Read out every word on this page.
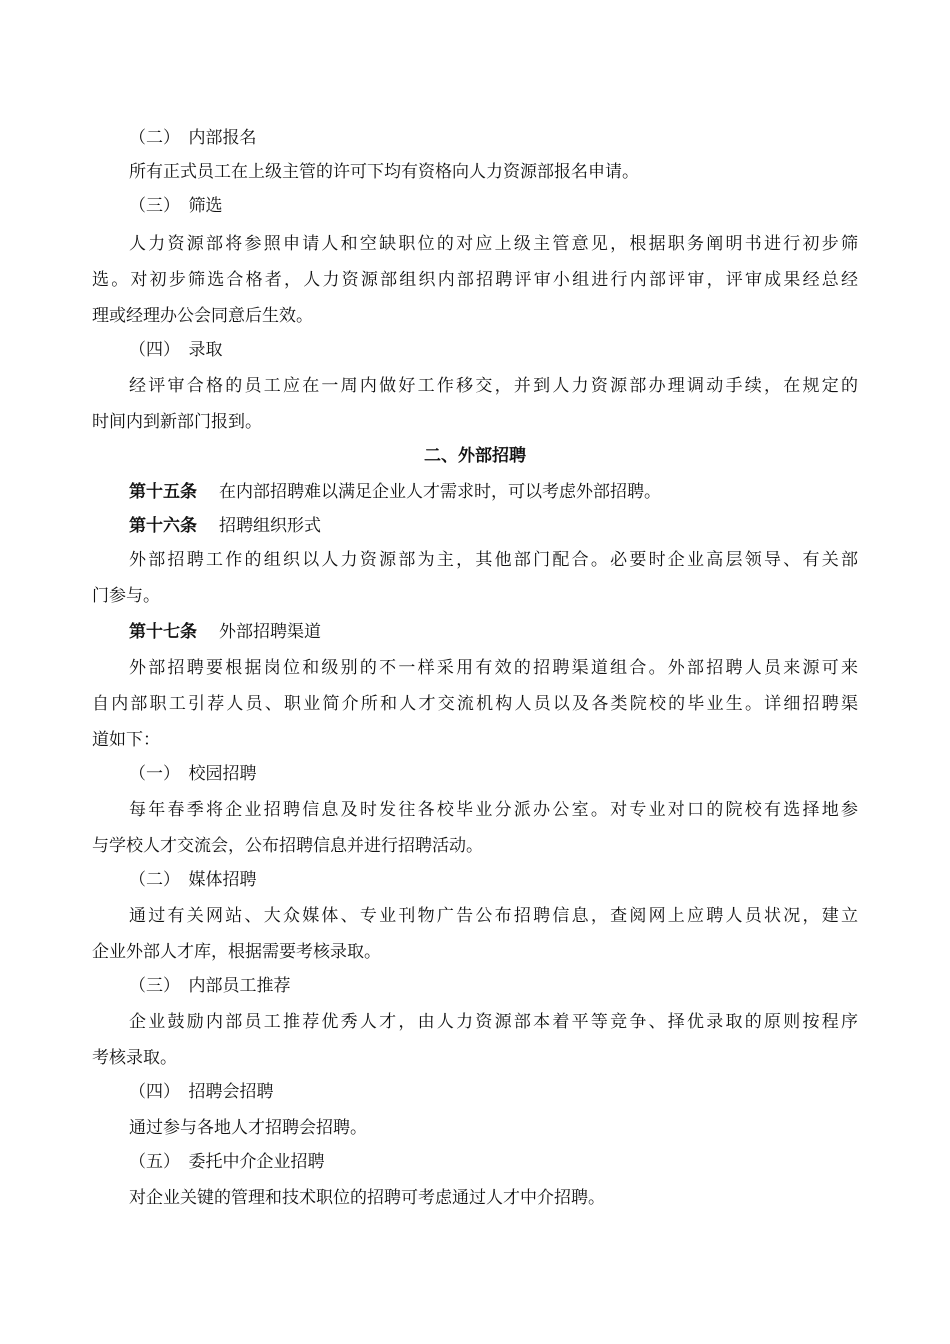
（二）　内部报名
所有正式员工在上级主管的许可下均有资格向人力资源部报名申请。
（三）　筛选
人力资源部将参照申请人和空缺职位的对应上级主管意见，根据职务阐明书进行初步筛
选。对初步筛选合格者，人力资源部组织内部招聘评审小组进行内部评审，评审成果经总经
理或经理办公会同意后生效。
（四）　录取
经评审合格的员工应在一周内做好工作移交，并到人力资源部办理调动手续，在规定的
时间内到新部门报到。
二、外部招聘
第十五条 在内部招聘难以满足企业人才需求时，可以考虑外部招聘。
第十六条 招聘组织形式
外部招聘工作的组织以人力资源部为主，其他部门配合。必要时企业高层领导、有关部
门参与。
第十七条 外部招聘渠道
外部招聘要根据岗位和级别的不一样采用有效的招聘渠道组合。外部招聘人员来源可来
自内部职工引荐人员、职业简介所和人才交流机构人员以及各类院校的毕业生。详细招聘渠
道如下：
（一）　校园招聘
每年春季将企业招聘信息及时发往各校毕业分派办公室。对专业对口的院校有选择地参
与学校人才交流会，公布招聘信息并进行招聘活动。
（二）　媒体招聘
通过有关网站、大众媒体、专业刊物广告公布招聘信息，查阅网上应聘人员状况，建立
企业外部人才库，根据需要考核录取。
（三）　内部员工推荐
企业鼓励内部员工推荐优秀人才，由人力资源部本着平等竞争、择优录取的原则按程序
考核录取。
（四）　招聘会招聘
通过参与各地人才招聘会招聘。
（五）　委托中介企业招聘
对企业关键的管理和技术职位的招聘可考虑通过人才中介招聘。
